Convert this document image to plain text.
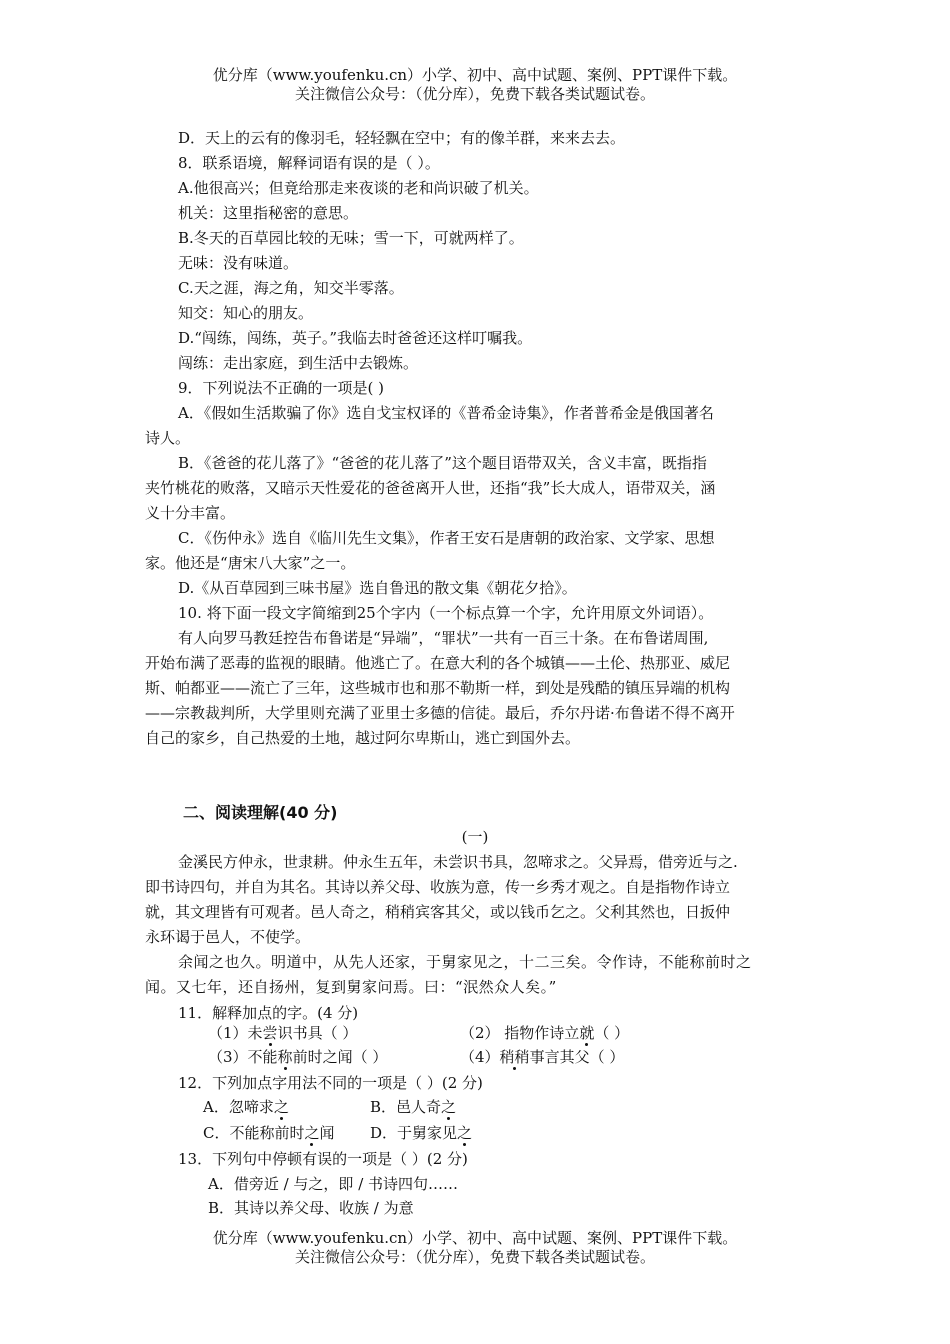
优分库（www.youfenku.cn）小学、初中、高中试题、案例、PPT课件下载。
关注微信公众号：（优分库），免费下载各类试题试卷。
D．天上的云有的像羽毛，轻轻飘在空中；有的像羊群，来来去去。
8．联系语境，解释词语有误的是（ ）。
A.他很高兴；但竟给那走来夜谈的老和尚识破了机关。
机关：这里指秘密的意思。
B.冬天的百草园比较的无味；雪一下，可就两样了。
无味：没有味道。
C.天之涯，海之角，知交半零落。
知交：知心的朋友。
D.“闯练，闯练，英子。”我临去时爸爸还这样叮嘱我。
闯练：走出家庭，到生活中去锻炼。
9．下列说法不正确的一项是( )
A．《假如生活欺骗了你》选自戈宝权译的《普希金诗集》，作者普希金是俄国著名
诗人。
B．《爸爸的花儿落了》“爸爸的花儿落了”这个题目语带双关，含义丰富，既指指
夹竹桃花的败落，又暗示天性爱花的爸爸离开人世，还指“我”长大成人，语带双关，涵
义十分丰富。
C．《伤仲永》选自《临川先生文集》，作者王安石是唐朝的政治家、文学家、思想
家。他还是“唐宋八大家”之一。
D.《从百草园到三味书屋》选自鲁迅的散文集《朝花夕拾》。
10. 将下面一段文字简缩到25个字内（一个标点算一个字，允许用原文外词语）。
有人向罗马教廷控告布鲁诺是“异端”，“罪状”一共有一百三十条。在布鲁诺周围,
开始布满了恶毒的监视的眼睛。他逃亡了。在意大利的各个城镇——土伦、热那亚、威尼
斯、帕都亚——流亡了三年，这些城市也和那不勒斯一样，到处是残酷的镇压异端的机构
——宗教裁判所，大学里则充满了亚里士多德的信徒。最后，乔尔丹诺·布鲁诺不得不离开
自己的家乡，自己热爱的土地，越过阿尔卑斯山，逃亡到国外去。
二、阅读理解(40 分)
(一)
金溪民方仲永，世隶耕。仲永生五年，未尝识书具，忽啼求之。父异焉，借旁近与之.
即书诗四句，并自为其名。其诗以养父母、收族为意，传一乡秀才观之。自是指物作诗立
就，其文理皆有可观者。邑人奇之，稍稍宾客其父，或以钱币乞之。父利其然也，日扳仲
永环谒于邑人，不使学。
余闻之也久。明道中，从先人还家，于舅家见之，十二三矣。令作诗，不能称前时之
闻。又七年，还自扬州，复到舅家问焉。曰：“泯然众人矣。”
11．解释加点的字。(4 分)
（1）未尝识书具（ ）	（2） 指物作诗立就（ ）
（3）不能称前时之闻（ ）	（4）稍稍事言其父（ ）
12．下列加点字用法不同的一项是（ ）(2 分)
A．忽啼求之	B．邑人奇之
C．不能称前时之闻 D．于舅家见之
13．下列句中停顿有误的一项是（ ）(2 分)
A．借旁近 / 与之，即 / 书诗四句……
B．其诗以养父母、收族 / 为意
优分库（www.youfenku.cn）小学、初中、高中试题、案例、PPT课件下载。
关注微信公众号：（优分库），免费下载各类试题试卷。
